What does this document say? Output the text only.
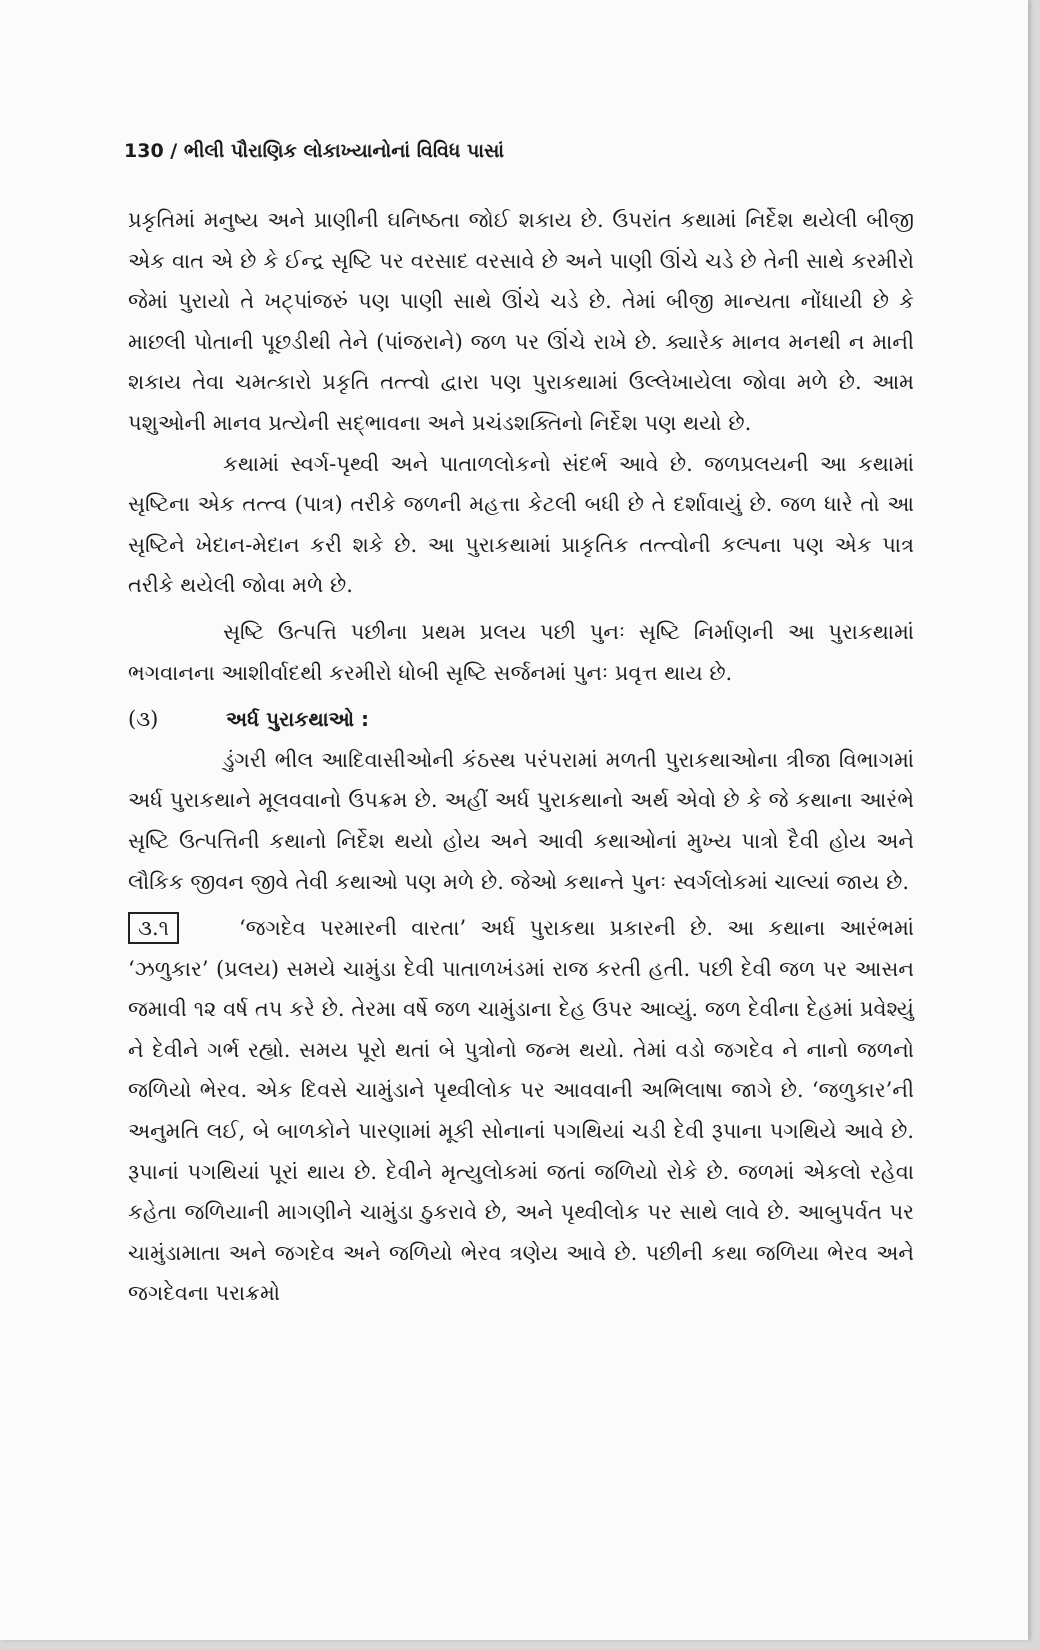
130 / ભીલી પૌરાણિક લોકાખ્યાનોનાં વિવિધ પાસાં

પ્રકૃતિમાં મનુષ્ય અને પ્રાણીની ઘનિષ્ઠતા જોઈ શકાય છે. ઉપરાંત કથામાં નિર્દેશ થયેલી બીજી એક વાત એ છે કે ઈન્દ્ર સૃષ્ટિ પર વરસાદ વરસાવે છે અને પાણી ઊંચે ચડે છે તેની સાથે કરમીરો જેમાં પુરાયો તે ખટ્પાંજરું પણ પાણી સાથે ઊંચે ચડે છે. તેમાં બીજી માન્યતા નોંધાયી છે કે માછલી પોતાની પૂછડીથી તેને (પાંજરાને) જળ પર ઊંચે રાખે છે. ક્યારેક માનવ મનથી ન માની શકાય તેવા ચમત્કારો પ્રકૃતિ તત્ત્વો દ્વારા પણ પુરાકથામાં ઉલ્લેખાયેલા જોવા મળે છે. આમ પશુઓની માનવ પ્રત્યેની સદ્ભાવના અને પ્રચંડશક્તિનો નિર્દેશ પણ થયો છે.

કથામાં સ્વર્ગ-પૃથ્વી અને પાતાળલોકનો સંદર્ભ આવે છે. જળપ્રલયની આ કથામાં સૃષ્ટિના એક તત્ત્વ (પાત્ર) તરીકે જળની મહત્તા કેટલી બધી છે તે દર્શાવાયું છે. જળ ધારે તો આ સૃષ્ટિને ખેદાન-મેદાન કરી શકે છે. આ પુરાકથામાં પ્રાકૃતિક તત્ત્વોની કલ્પના પણ એક પાત્ર તરીકે થયેલી જોવા મળે છે.

સૃષ્ટિ ઉત્પત્તિ પછીના પ્રથમ પ્રલય પછી પુનઃ સૃષ્ટિ નિર્માણની આ પુરાકથામાં ભગવાનના આશીર્વાદથી કરમીરો ધોબી સૃષ્ટિ સર્જનમાં પુનઃ પ્રવૃત્ત થાય છે.

(૩)	અર્ધ પુરાકથાઓ :

ડુંગરી ભીલ આદિવાસીઓની કંઠસ્થ પરંપરામાં મળતી પુરાકથાઓના ત્રીજા વિભાગમાં અર્ધ પુરાકથાને મૂલવવાનો ઉપક્રમ છે. અહીં અર્ધ પુરાકથાનો અર્થ એવો છે કે જે કથાના આરંભે સૃષ્ટિ ઉત્પત્તિની કથાનો નિર્દેશ થયો હોય અને આવી કથાઓનાં મુખ્ય પાત્રો દૈવી હોય અને લૌકિક જીવન જીવે તેવી કથાઓ પણ મળે છે. જેઓ કથાન્તે પુનઃ સ્વર્ગલોકમાં ચાલ્યાં જાય છે.

૩.૧	‘જગદેવ પરમારની વારતા’ અર્ધ પુરાકથા પ્રકારની છે. આ કથાના આરંભમાં ‘ઝળુકાર’ (પ્રલય) સમયે ચામુંડા દેવી પાતાળખંડમાં રાજ કરતી હતી. પછી દેવી જળ પર આસન જમાવી ૧૨ વર્ષ તપ કરે છે. તેરમા વર્ષે જળ ચામુંડાના દેહ ઉપર આવ્યું. જળ દેવીના દેહમાં પ્રવેશ્યું ને દેવીને ગર્ભ રહ્યો. સમય પૂરો થતાં બે પુત્રોનો જન્મ થયો. તેમાં વડો જગદેવ ને નાનો જળનો જળિયો ભેરવ. એક દિવસે ચામુંડાને પૃથ્વીલોક પર આવવાની અભિલાષા જાગે છે. ‘જળુકાર’ની અનુમતિ લઈ, બે બાળકોને પારણામાં મૂકી સોનાનાં પગથિયાં ચડી દેવી રૂપાના પગથિયે આવે છે. રૂપાનાં પગથિયાં પૂરાં થાય છે. દેવીને મૃત્યુલોકમાં જતાં જળિયો રોકે છે. જળમાં એકલો રહેવા કહેતા જળિયાની માગણીને ચામુંડા ઠુકરાવે છે, અને પૃથ્વીલોક પર સાથે લાવે છે. આબુપર્વત પર ચામુંડામાતા અને જગદેવ અને જળિયો ભેરવ ત્રણેય આવે છે. પછીની કથા જળિયા ભેરવ અને જગદેવના પરાક્રમો
